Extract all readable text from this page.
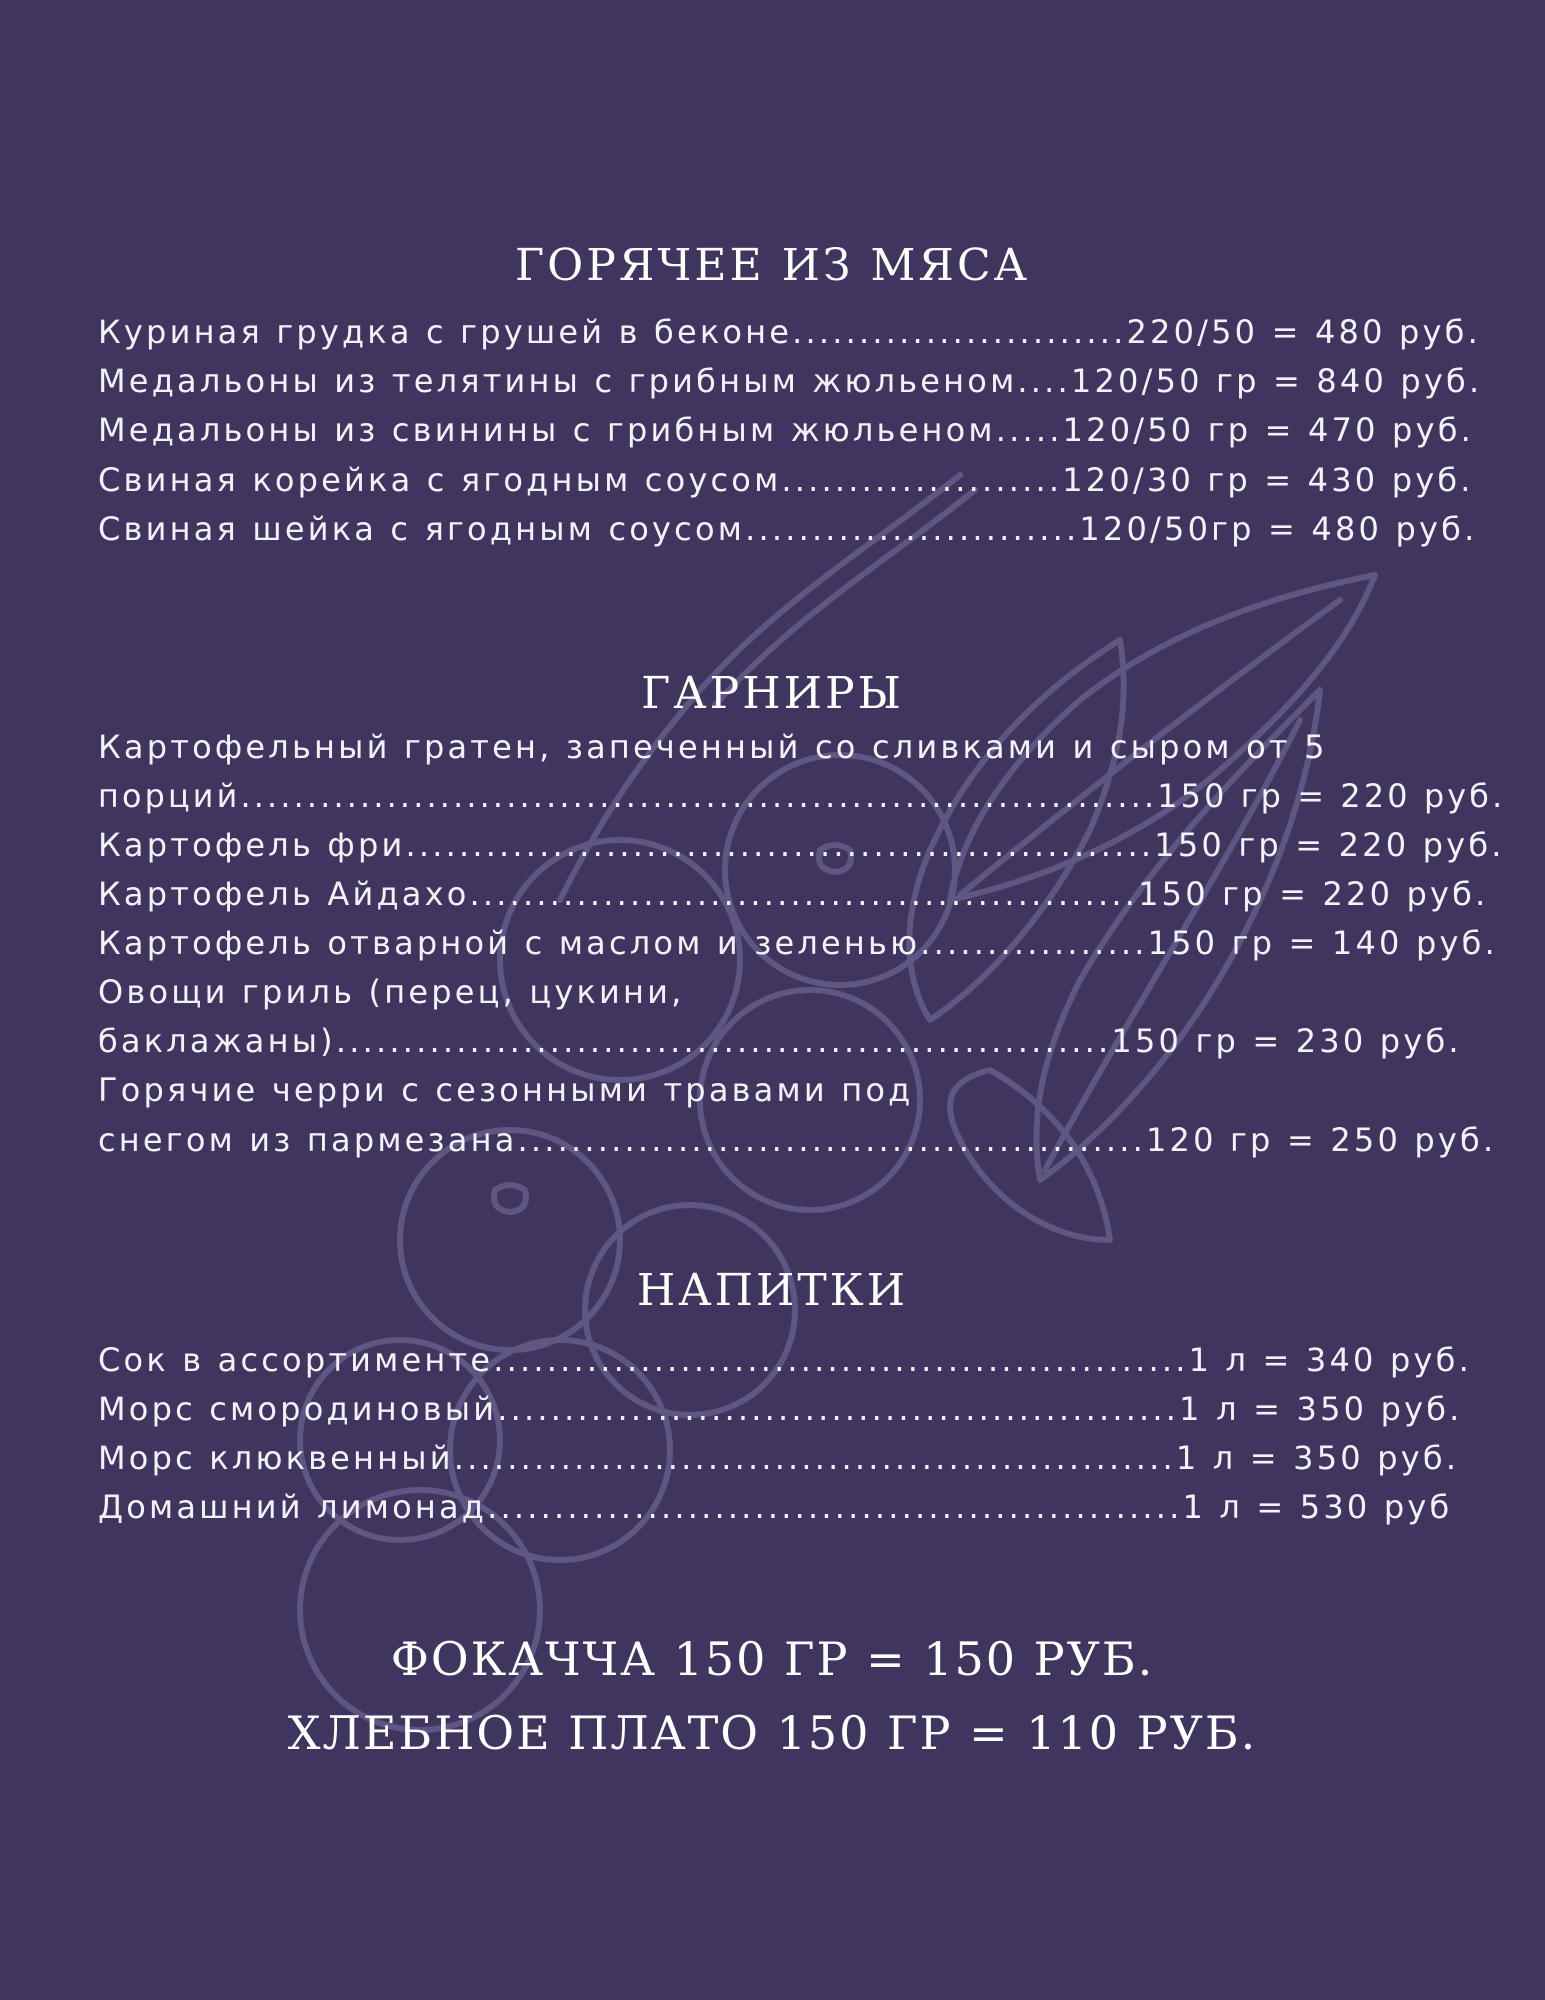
ГОРЯЧЕЕ ИЗ МЯСА
Куриная грудка с грушей в беконе.........................220/50 = 480 руб.
Медальоны из телятины с грибным жюльеном....120/50 гр = 840 руб.
Медальоны из свинины с грибным жюльеном.....120/50 гр = 470 руб.
Свиная корейка с ягодным соусом.....................120/30 гр = 430 руб.
Свиная шейка с ягодным соусом.........................120/50гр = 480 руб.
ГАРНИРЫ
Картофельный гратен, запеченный со сливками и сыром от 5
порций.....................................................................150 гр = 220 руб.
Картофель фри........................................................150 гр = 220 руб.
Картофель Айдахо..................................................150 гр = 220 руб.
Картофель отварной с маслом и зеленью.................150 гр = 140 руб.
Овощи гриль (перец, цукини,
баклажаны)..........................................................150 гр = 230 руб.
Горячие черри с сезонными травами под
снегом из пармезана...............................................120 гр = 250 руб.
НАПИТКИ
Сок в ассортименте....................................................1 л = 340 руб.
Морс смородиновый...................................................1 л = 350 руб.
Морс клюквенный......................................................1 л = 350 руб.
Домашний лимонад....................................................1 л = 530 руб
ФОКАЧЧА 150 ГР = 150 РУБ.
ХЛЕБНОЕ ПЛАТО 150 ГР = 110 РУБ.
